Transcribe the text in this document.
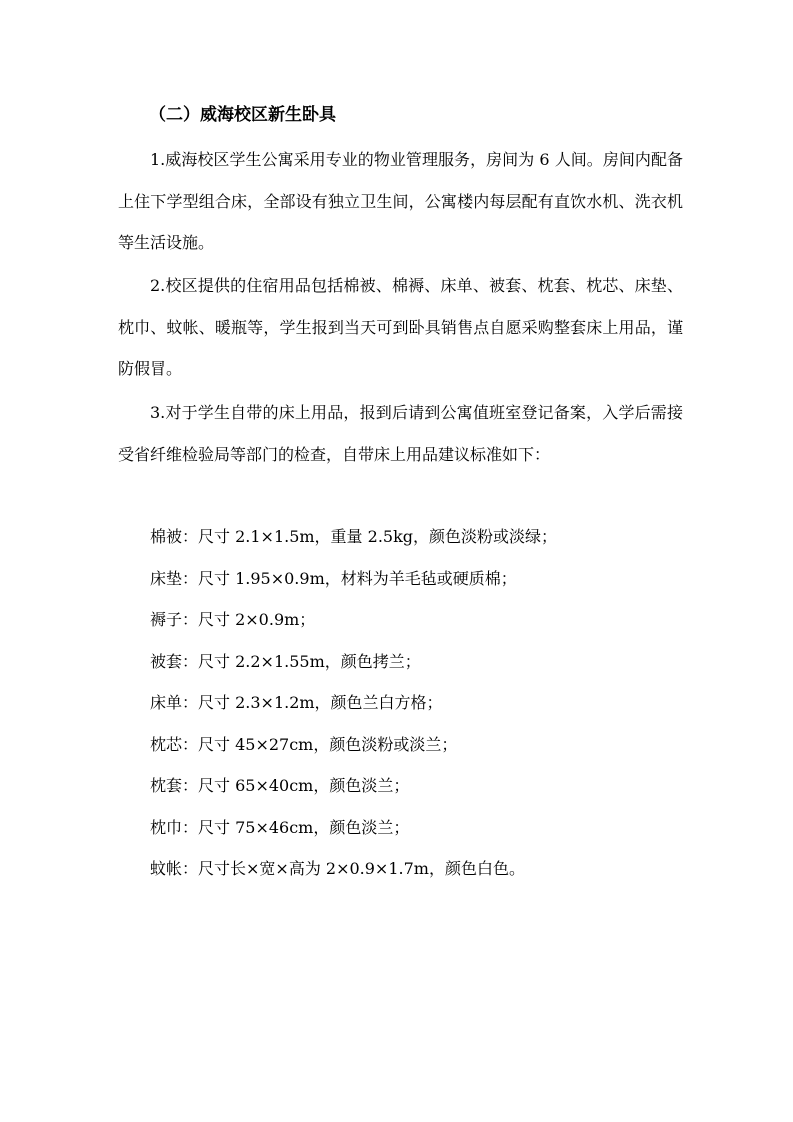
（二）威海校区新生卧具

1.威海校区学生公寓采用专业的物业管理服务，房间为 6 人间。房间内配备上住下学型组合床，全部设有独立卫生间，公寓楼内每层配有直饮水机、洗衣机等生活设施。

2.校区提供的住宿用品包括棉被、棉褥、床单、被套、枕套、枕芯、床垫、枕巾、蚊帐、暖瓶等，学生报到当天可到卧具销售点自愿采购整套床上用品，谨防假冒。

3.对于学生自带的床上用品，报到后请到公寓值班室登记备案，入学后需接受省纤维检验局等部门的检查，自带床上用品建议标准如下：

棉被：尺寸 2.1×1.5m，重量 2.5kg，颜色淡粉或淡绿；
床垫：尺寸 1.95×0.9m，材料为羊毛毡或硬质棉；
褥子：尺寸 2×0.9m；
被套：尺寸 2.2×1.55m，颜色拷兰；
床单：尺寸 2.3×1.2m，颜色兰白方格；
枕芯：尺寸 45×27cm，颜色淡粉或淡兰；
枕套：尺寸 65×40cm，颜色淡兰；
枕巾：尺寸 75×46cm，颜色淡兰；
蚊帐：尺寸长×宽×高为 2×0.9×1.7m，颜色白色。
